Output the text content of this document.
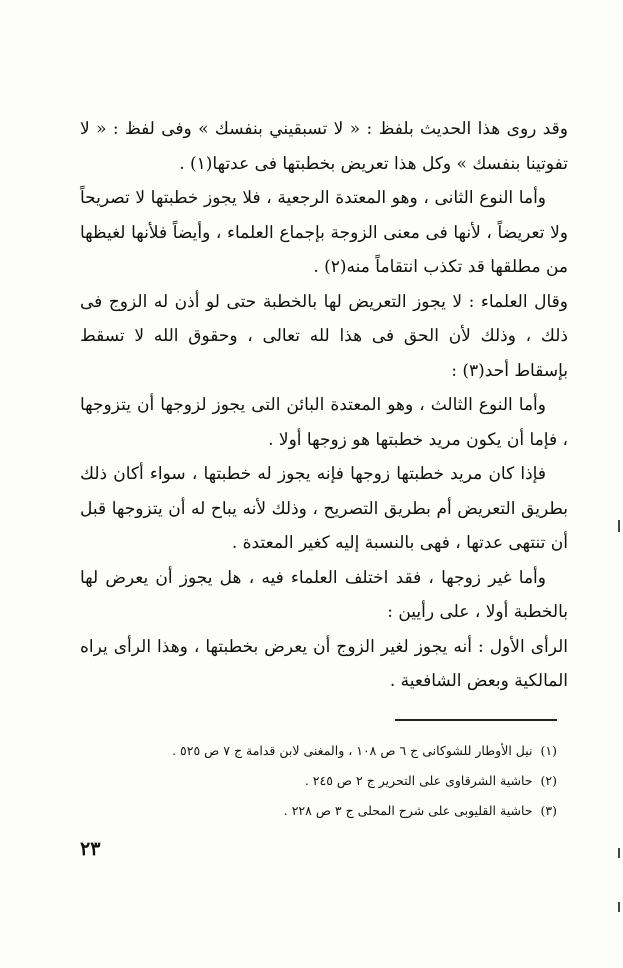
وقد روى هذا الحديث بلفظ : « لا تسبقيني بنفسك » وفى لفظ : « لا تفوتينا بنفسك » وكل هذا تعريض بخطبتها فى عدتها(١) .

وأما النوع الثانى ، وهو المعتدة الرجعية ، فلا يجوز خطبتها لا تصريحاً ولا تعريضاً ، لأنها فى معنى الزوجة بإجماع العلماء ، وأيضاً فلأنها لغيظها من مطلقها قد تكذب انتقاماً منه(٢) .

وقال العلماء : لا يجوز التعريض لها بالخطبة حتى لو أذن له الزوج فى ذلك ، وذلك لأن الحق فى هذا لله تعالى ، وحقوق الله لا تسقط بإسقاط أحد(٣) :

وأما النوع الثالث ، وهو المعتدة البائن التى يجوز لزوجها أن يتزوجها ، فإما أن يكون مريد خطبتها هو زوجها أولا .

فإذا كان مريد خطبتها زوجها فإنه يجوز له خطبتها ، سواء أكان ذلك بطريق التعريض أم بطريق التصريح ، وذلك لأنه يباح له أن يتزوجها قبل أن تنتهى عدتها ، فهى بالنسبة إليه كغير المعتدة .

وأما غير زوجها ، فقد اختلف العلماء فيه ، هل يجوز أن يعرض لها بالخطبة أولا ، على رأيين :

الرأى الأول : أنه يجوز لغير الزوج أن يعرض بخطبتها ، وهذا الرأى يراه المالكية وبعض الشافعية .

(١)نيل الأوطار للشوكانى ج ٦ ص ١٠٨ ، والمغنى لابن قدامة ج ٧ ص ٥٢٥ .

(٢)حاشية الشرقاوى على التحرير ج ٢ ص ٢٤٥ .

(٣)حاشية القليوبى على شرح المحلى ج ٣ ص ٢٢٨ .

٢٣
